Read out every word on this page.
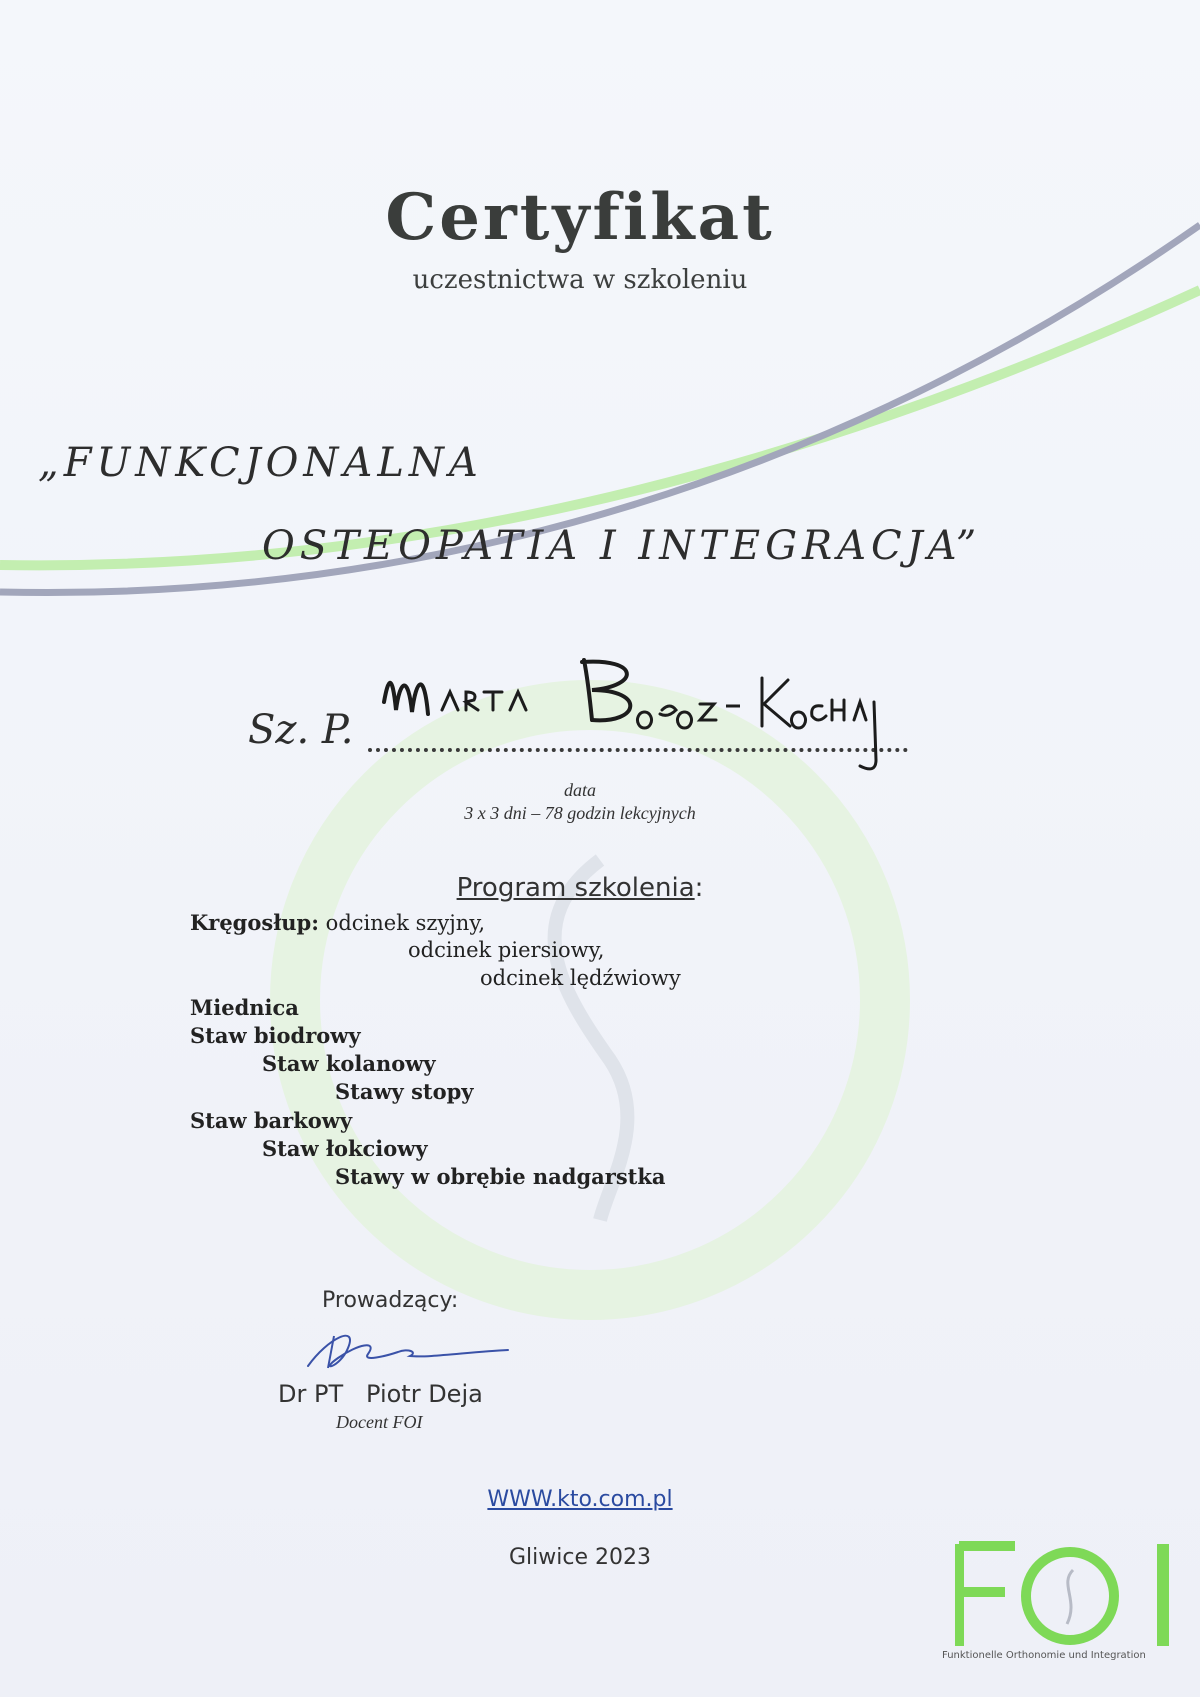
Certyfikat
uczestnictwa w szkoleniu
„FUNKCJONALNA
OSTEOPATIA I INTEGRACJA”
Sz. P.
data
3 x 3 dni – 78 godzin lekcyjnych
Program szkolenia:
Kręgosłup: odcinek szyjny,
odcinek piersiowy,
odcinek lędźwiowy
Miednica
Staw biodrowy
Staw kolanowy
Stawy stopy
Staw barkowy
Staw łokciowy
Stawy w obrębie nadgarstka
Prowadzący:
Dr PT   Piotr Deja
Docent FOI
WWW.kto.com.pl
Gliwice 2023
Funktionelle Orthonomie und Integration
